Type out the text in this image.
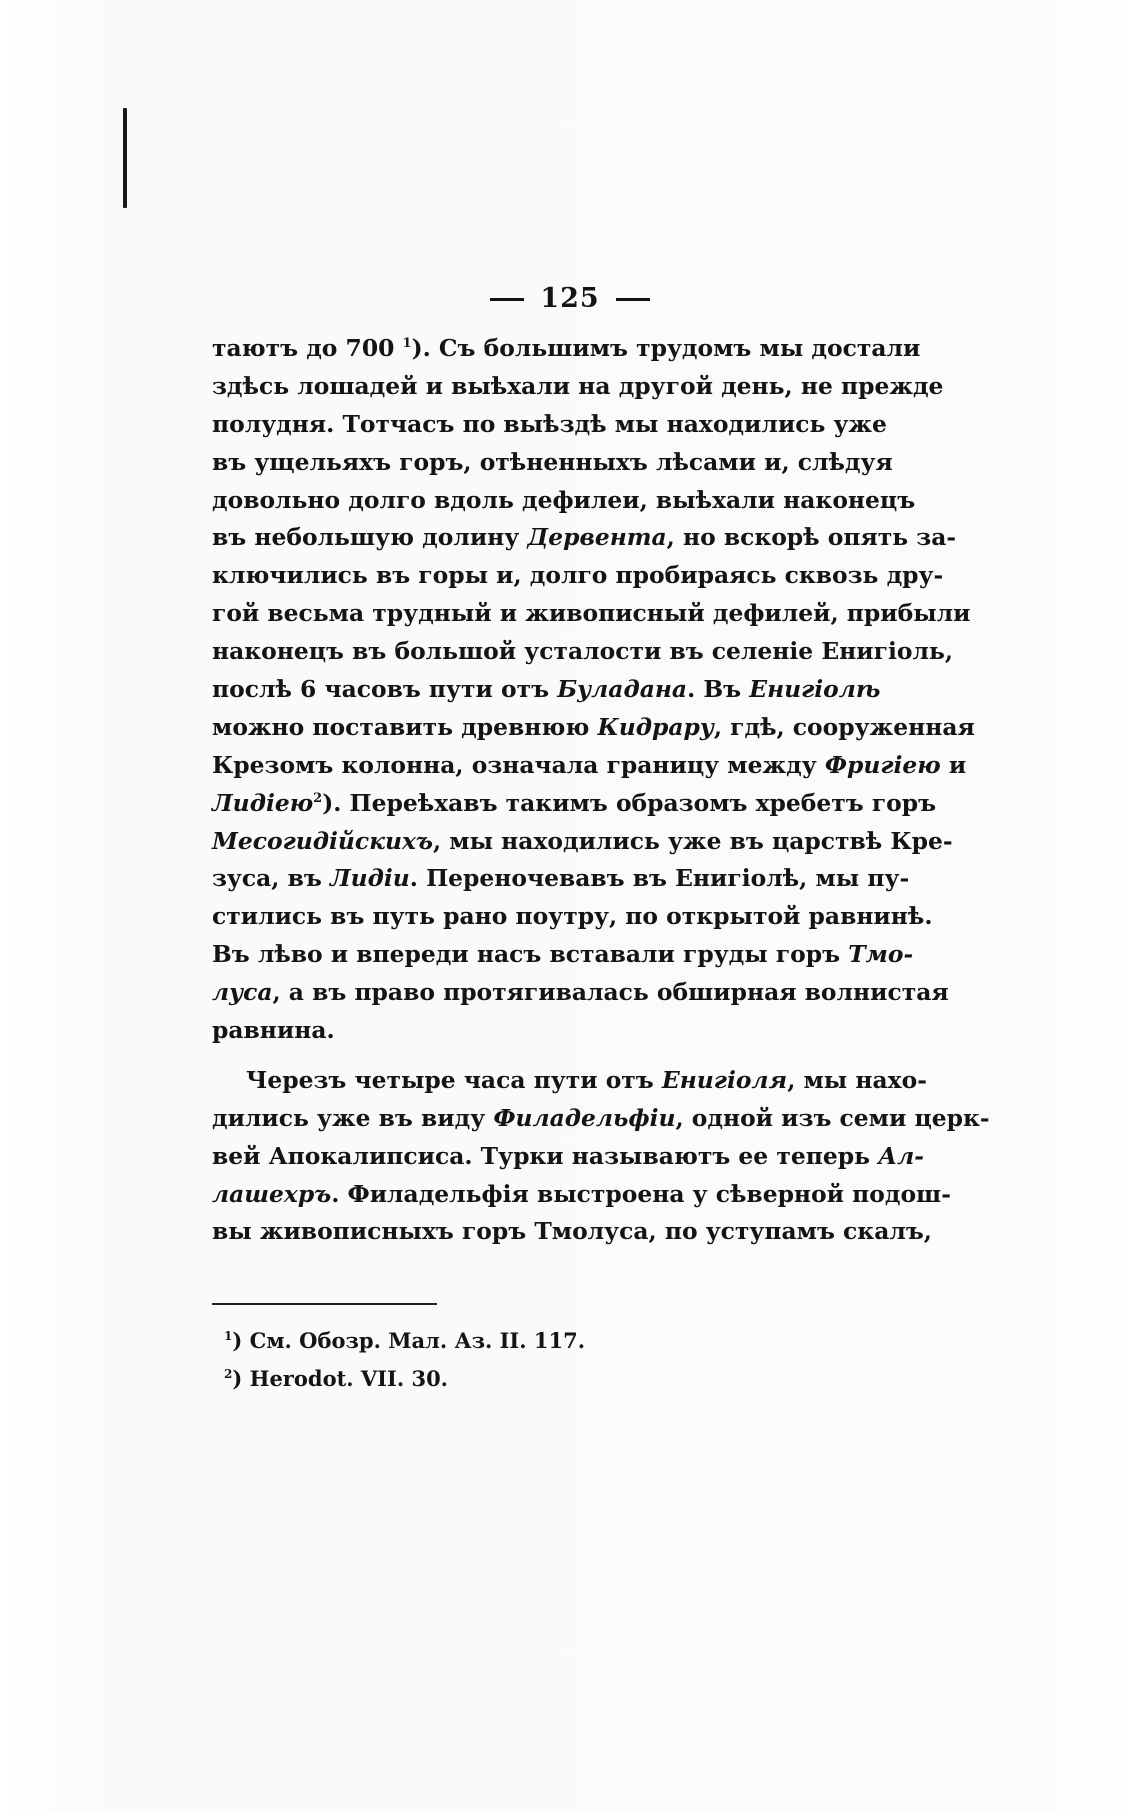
125
таютъ до 700 $^1$). Съ большимъ трудомъ мы достали
здѣсь лошадей и выѣхали на другой день, не прежде
полудня. Тотчасъ по выѣздѣ мы находились уже
въ ущельяхъ горъ, отѣненныхъ лѣсами и, слѣдуя
довольно долго вдоль дефилеи, выѣхали наконецъ
въ небольшую долину Дервента, но вскорѣ опять за-
ключились въ горы и, долго пробираясь сквозь дру-
гой весьма трудный и живописный дефилей, прибыли
наконецъ въ большой усталости въ селеніе Енигіоль,
послѣ 6 часовъ пути отъ Буладана. Въ Енигіолѣ
можно поставить древнюю Кидрару, гдѣ, сооруженная
Крезомъ колонна, означала границу между Фригіею и
Лидіею$^2$). Переѣхавъ такимъ образомъ хребетъ горъ
Месогидійскихъ, мы находились уже въ царствѣ Кре-
зуса, въ Лидіи. Переночевавъ въ Енигіолѣ, мы пу-
стились въ путь рано поутру, по открытой равнинѣ.
Въ лѣво и впереди насъ вставали груды горъ Тмо-
луса, а въ право протягивалась обширная волнистая
равнина.
Черезъ четыре часа пути отъ Енигіоля, мы нахо-
дились уже въ виду Филадельфіи, одной изъ семи церк-
вей Апокалипсиса. Турки называютъ ее теперь Ал-
лашехръ. Филадельфія выстроена у сѣверной подош-
вы живописныхъ горъ Тмолуса, по уступамъ скалъ,
$^1$) См. Обозр. Мал. Аз. II. 117.
$^2$) Herodot. VII. 30.
